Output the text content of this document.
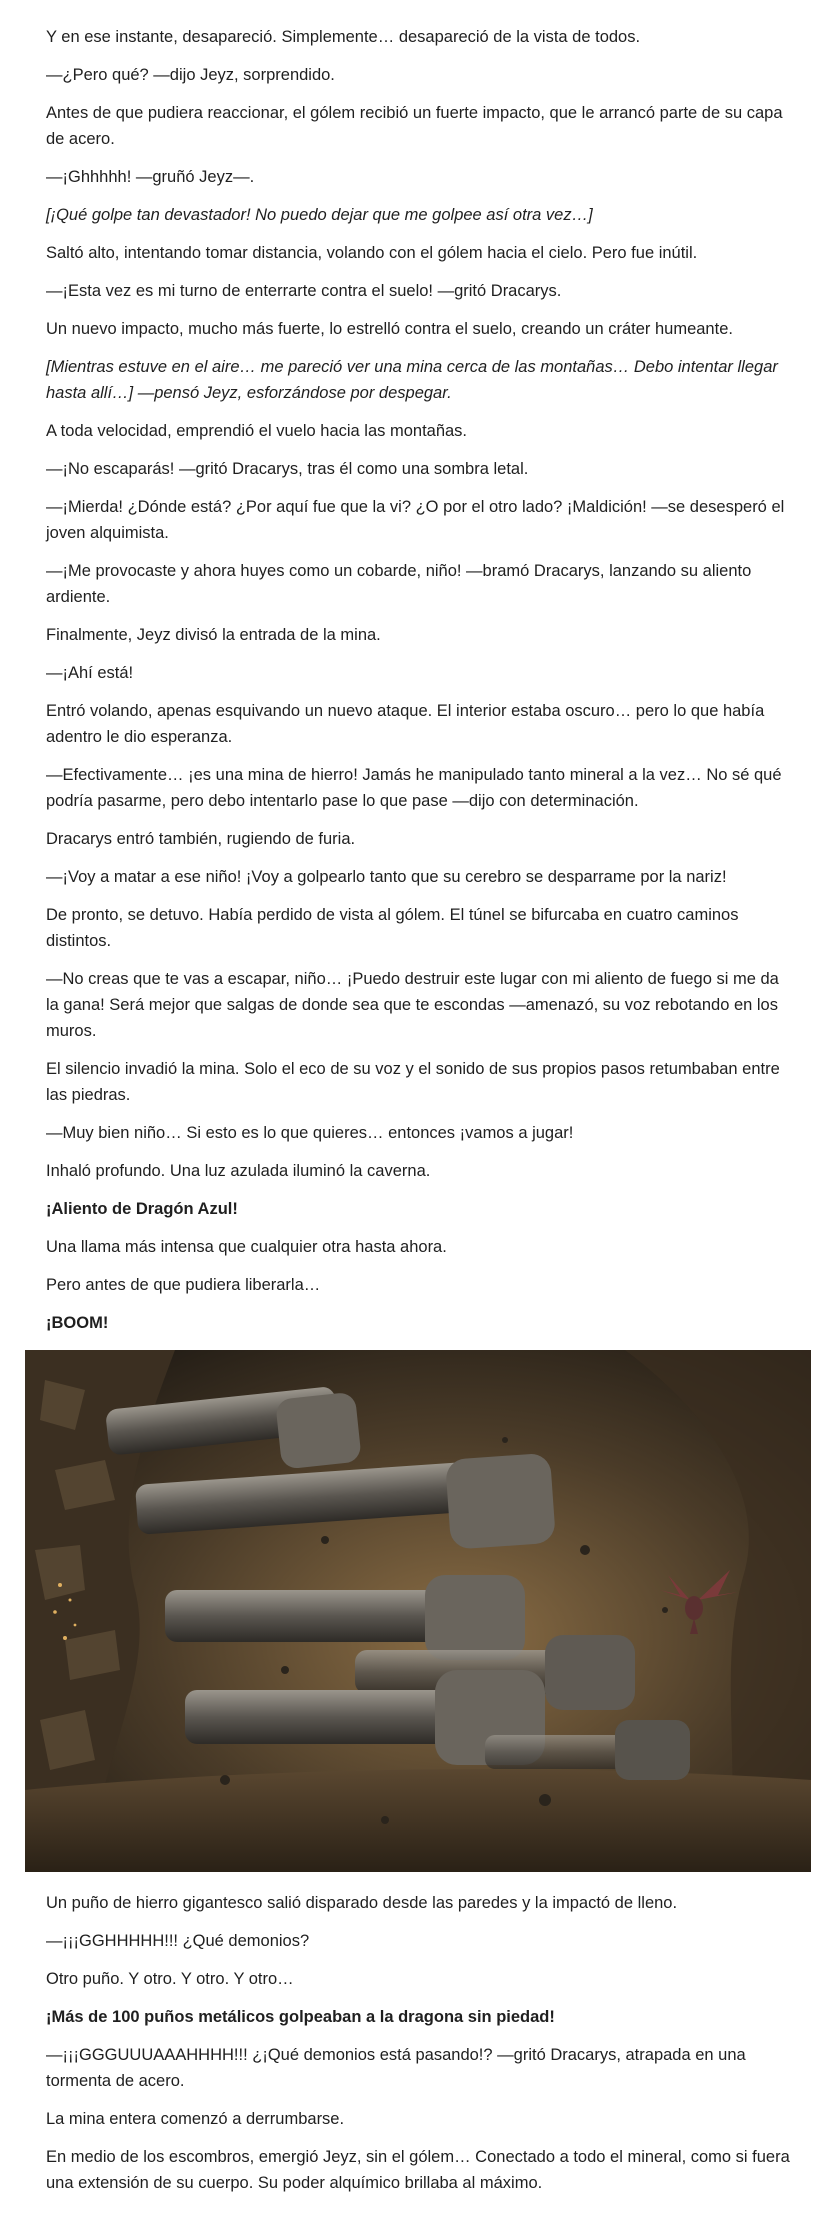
Y en ese instante, desapareció. Simplemente… desapareció de la vista de todos.

—¿Pero qué? —dijo Jeyz, sorprendido.

Antes de que pudiera reaccionar, el gólem recibió un fuerte impacto, que le arrancó parte de su capa de acero.

—¡Ghhhhh! —gruñó Jeyz—.

[¡Qué golpe tan devastador! No puedo dejar que me golpee así otra vez…]

Saltó alto, intentando tomar distancia, volando con el gólem hacia el cielo. Pero fue inútil.

—¡Esta vez es mi turno de enterrarte contra el suelo! —gritó Dracarys.

Un nuevo impacto, mucho más fuerte, lo estrelló contra el suelo, creando un cráter humeante.

[Mientras estuve en el aire… me pareció ver una mina cerca de las montañas… Debo intentar llegar hasta allí…] —pensó Jeyz, esforzándose por despegar.

A toda velocidad, emprendió el vuelo hacia las montañas.

—¡No escaparás! —gritó Dracarys, tras él como una sombra letal.

—¡Mierda! ¿Dónde está? ¿Por aquí fue que la vi? ¿O por el otro lado? ¡Maldición! —se desesperó el joven alquimista.

—¡Me provocaste y ahora huyes como un cobarde, niño! —bramó Dracarys, lanzando su aliento ardiente.

Finalmente, Jeyz divisó la entrada de la mina.

—¡Ahí está!

Entró volando, apenas esquivando un nuevo ataque. El interior estaba oscuro… pero lo que había adentro le dio esperanza.

—Efectivamente… ¡es una mina de hierro! Jamás he manipulado tanto mineral a la vez… No sé qué podría pasarme, pero debo intentarlo pase lo que pase —dijo con determinación.

Dracarys entró también, rugiendo de furia.

—¡Voy a matar a ese niño! ¡Voy a golpearlo tanto que su cerebro se desparrame por la nariz!

De pronto, se detuvo. Había perdido de vista al gólem. El túnel se bifurcaba en cuatro caminos distintos.

—No creas que te vas a escapar, niño… ¡Puedo destruir este lugar con mi aliento de fuego si me da la gana! Será mejor que salgas de donde sea que te escondas —amenazó, su voz rebotando en los muros.

El silencio invadió la mina. Solo el eco de su voz y el sonido de sus propios pasos retumbaban entre las piedras.

—Muy bien niño… Si esto es lo que quieres… entonces ¡vamos a jugar!

Inhaló profundo. Una luz azulada iluminó la caverna.

¡Aliento de Dragón Azul!

Una llama más intensa que cualquier otra hasta ahora.

Pero antes de que pudiera liberarla…

¡BOOM!

Un puño de hierro gigantesco salió disparado desde las paredes y la impactó de lleno.

—¡¡¡GGHHHHH!!! ¿Qué demonios?

Otro puño. Y otro. Y otro. Y otro…

¡Más de 100 puños metálicos golpeaban a la dragona sin piedad!

—¡¡¡GGGUUUAAAHHHH!!! ¿¡Qué demonios está pasando!? —gritó Dracarys, atrapada en una tormenta de acero.

La mina entera comenzó a derrumbarse.

En medio de los escombros, emergió Jeyz, sin el gólem… Conectado a todo el mineral, como si fuera una extensión de su cuerpo. Su poder alquímico brillaba al máximo.
